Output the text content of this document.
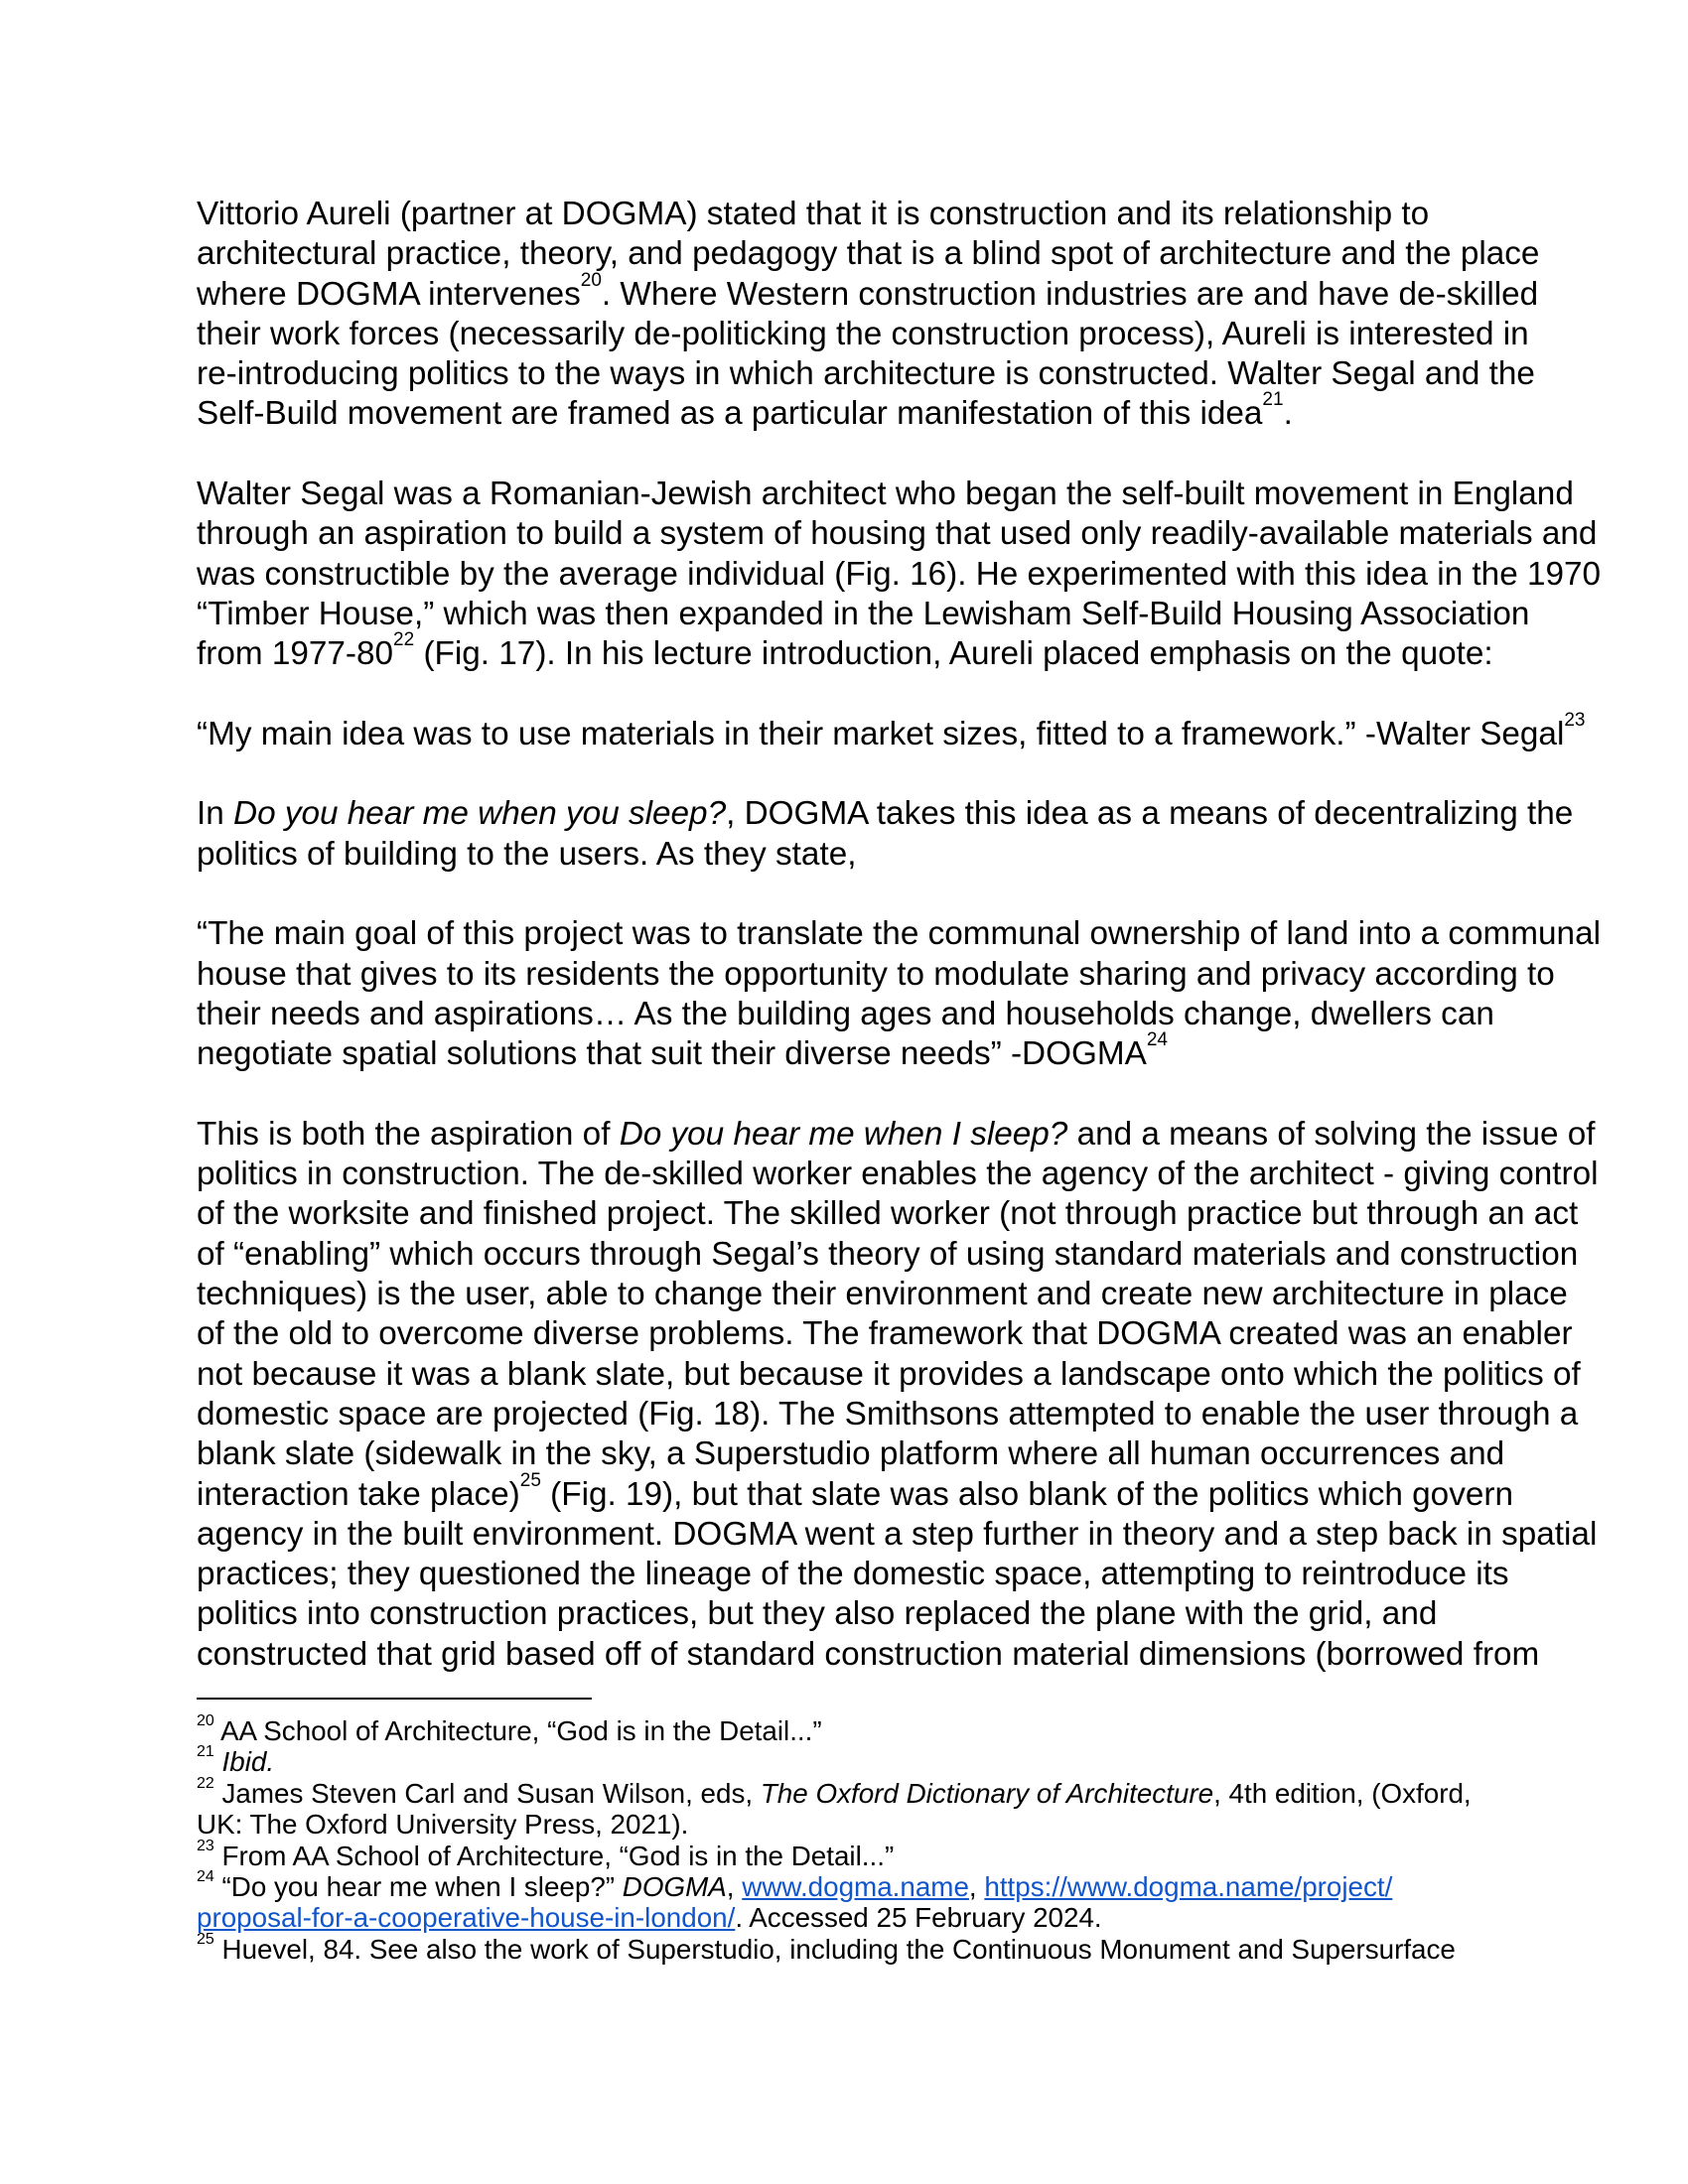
Vittorio Aureli (partner at DOGMA) stated that it is construction and its relationship to
architectural practice, theory, and pedagogy that is a blind spot of architecture and the place
where DOGMA intervenes$^{20}$. Where Western construction industries are and have de-skilled
their work forces (necessarily de-politicking the construction process), Aureli is interested in
re-introducing politics to the ways in which architecture is constructed. Walter Segal and the
Self-Build movement are framed as a particular manifestation of this idea$^{21}$.
Walter Segal was a Romanian-Jewish architect who began the self-built movement in England
through an aspiration to build a system of housing that used only readily-available materials and
was constructible by the average individual (Fig. 16). He experimented with this idea in the 1970
“Timber House,” which was then expanded in the Lewisham Self-Build Housing Association
from $1977-80^{22}$ (Fig. 17). In his lecture introduction, Aureli placed emphasis on the quote:
“My main idea was to use materials in their market sizes, fitted to a framework.” -Walter Segal$^{23}$
In Do you hear me when you sleep?, DOGMA takes this idea as a means of decentralizing the
politics of building to the users. As they state,
“The main goal of this project was to translate the communal ownership of land into a communal
house that gives to its residents the opportunity to modulate sharing and privacy according to
their needs and aspirations… As the building ages and households change, dwellers can
negotiate spatial solutions that suit their diverse needs” -DOGMA$^{24}$
This is both the aspiration of Do you hear me when I sleep? and a means of solving the issue of
politics in construction. The de-skilled worker enables the agency of the architect - giving control
of the worksite and finished project. The skilled worker (not through practice but through an act
of “enabling” which occurs through Segal’s theory of using standard materials and construction
techniques) is the user, able to change their environment and create new architecture in place
of the old to overcome diverse problems. The framework that DOGMA created was an enabler
not because it was a blank slate, but because it provides a landscape onto which the politics of
domestic space are projected (Fig. 18). The Smithsons attempted to enable the user through a
blank slate (sidewalk in the sky, a Superstudio platform where all human occurrences and
interaction take place)$^{25}$ (Fig. 19), but that slate was also blank of the politics which govern
agency in the built environment. DOGMA went a step further in theory and a step back in spatial
practices; they questioned the lineage of the domestic space, attempting to reintroduce its
politics into construction practices, but they also replaced the plane with the grid, and
constructed that grid based off of standard construction material dimensions (borrowed from
$^{20}$ AA School of Architecture, “God is in the Detail...”
$^{21}$ Ibid.
$^{22}$ James Steven Carl and Susan Wilson, eds, The Oxford Dictionary of Architecture, 4th edition, (Oxford,
UK: The Oxford University Press, 2021).
$^{23}$ From AA School of Architecture, “God is in the Detail...”
$^{24}$ “Do you hear me when I sleep?” DOGMA, www.dogma.name, https://www.dogma.name/project/
proposal-for-a-cooperative-house-in-london/. Accessed 25 February 2024.
$^{25}$ Huevel, 84. See also the work of Superstudio, including the Continuous Monument and Supersurface
